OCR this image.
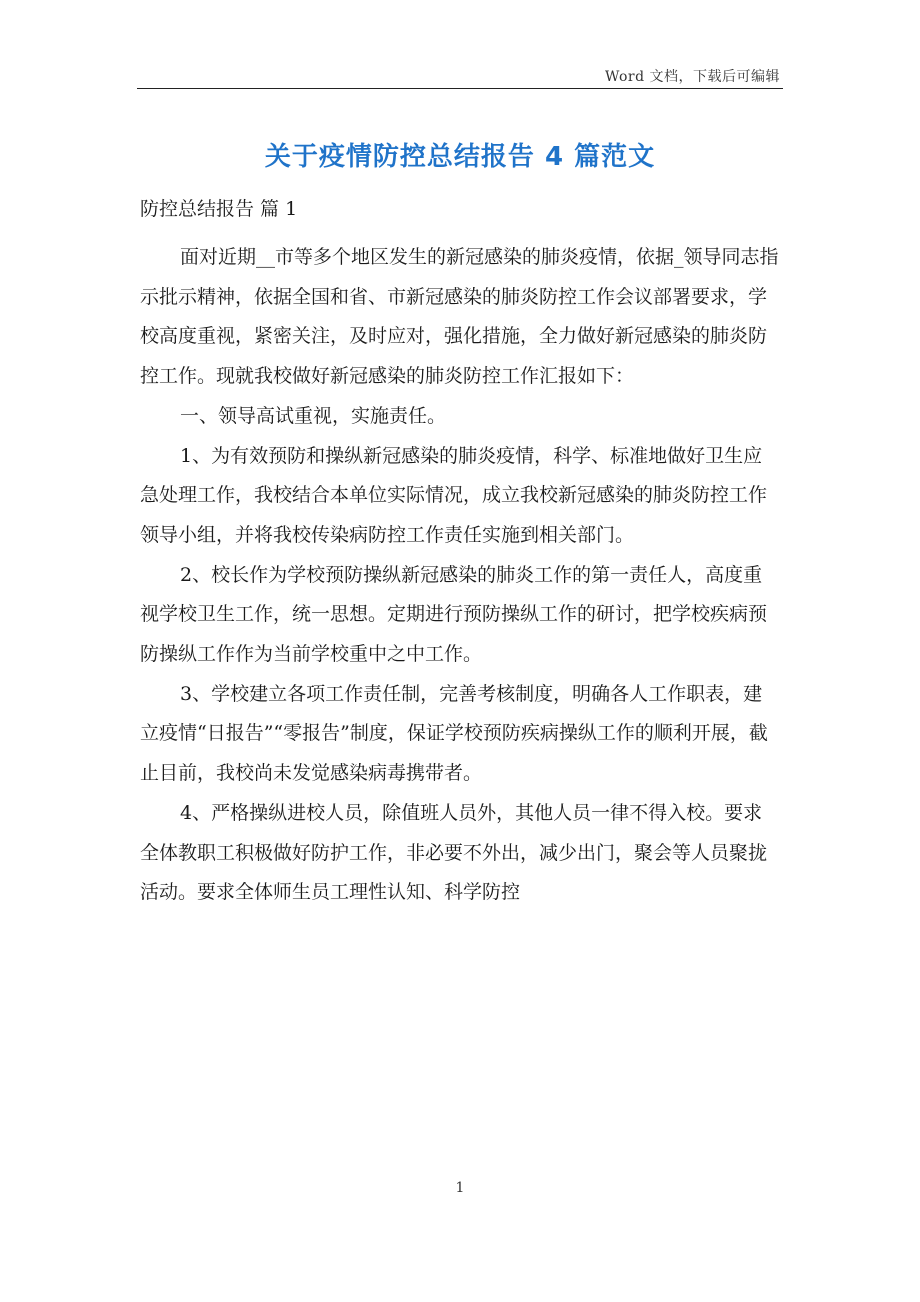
Word 文档，下载后可编辑
关于疫情防控总结报告 4 篇范文
防控总结报告 篇 1

面对近期__市等多个地区发生的新冠感染的肺炎疫情，依据_领导同志指示批示精神，依据全国和省、市新冠感染的肺炎防控工作会议部署要求，学校高度重视，紧密关注，及时应对，强化措施，全力做好新冠感染的肺炎防控工作。现就我校做好新冠感染的肺炎防控工作汇报如下：

一、领导高试重视，实施责任。

1、为有效预防和操纵新冠感染的肺炎疫情，科学、标准地做好卫生应急处理工作，我校结合本单位实际情况，成立我校新冠感染的肺炎防控工作领导小组，并将我校传染病防控工作责任实施到相关部门。

2、校长作为学校预防操纵新冠感染的肺炎工作的第一责任人，高度重视学校卫生工作，统一思想。定期进行预防操纵工作的研讨，把学校疾病预防操纵工作作为当前学校重中之中工作。

3、学校建立各项工作责任制，完善考核制度，明确各人工作职表，建立疫情“日报告”“零报告”制度，保证学校预防疾病操纵工作的顺利开展，截止目前，我校尚未发觉感染病毒携带者。

4、严格操纵进校人员，除值班人员外，其他人员一律不得入校。要求全体教职工积极做好防护工作，非必要不外出，减少出门，聚会等人员聚拢活动。要求全体师生员工理性认知、科学防控

1
